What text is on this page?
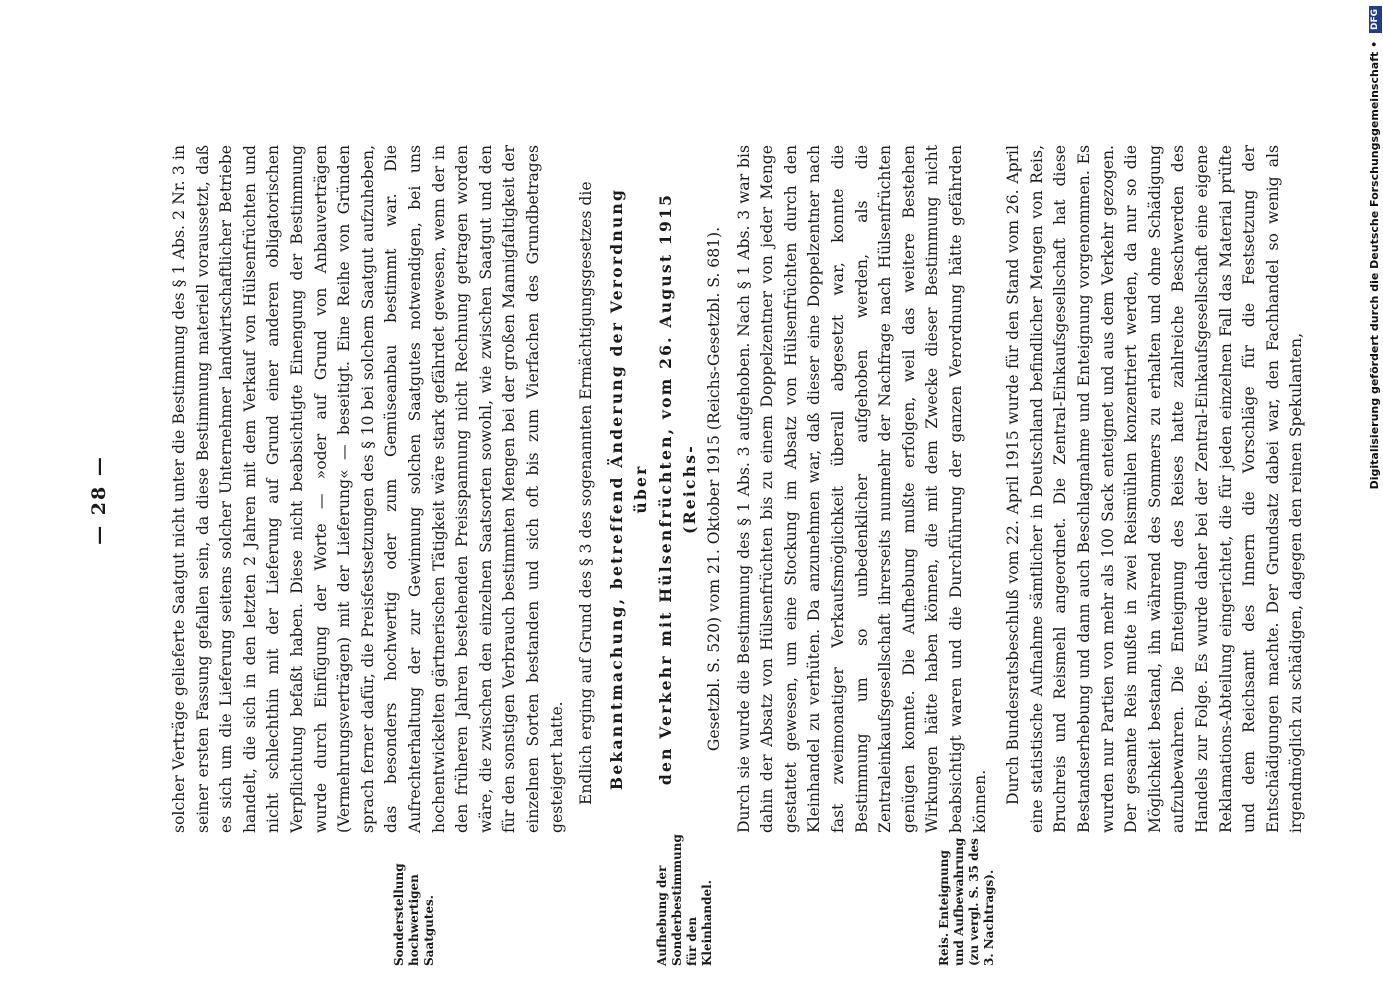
— 28 —
Sonderstellung hochwertigen Saatgutes.	Aufhebung der Sonderbestimmung für den Kleinhandel.	Reis. Enteignung und Aufbewahrung (zu vergl. S. 35 des 3. Nachtrags).

solcher Verträge gelieferte Saatgut nicht unter die Bestimmung des § 1 Abs. 2 Nr. 3 in seiner ersten Fassung gefallen sein, da diese Bestimmung materiell voraussetzt, daß es sich um die Lieferung seitens solcher Unternehmer landwirtschaftlicher Betriebe handelt, die sich in den letzten 2 Jahren mit dem Verkauf von Hülsenfrüchten und nicht schlechthin mit der Lieferung auf Grund einer anderen obligatorischen Verpflichtung befaßt haben. Diese nicht beabsichtigte Einengung der Bestimmung wurde durch Einfügung der Worte — »oder auf Grund von Anbauverträgen (Vermehrungsverträgen) mit der Lieferung« — beseitigt. Eine Reihe von Gründen sprach ferner dafür, die Preisfestsetzungen des § 10 bei solchem Saatgut aufzuheben, das besonders hochwertig oder zum Gemüseanbau bestimmt war. Die Aufrechterhaltung der zur Gewinnung solchen Saatgutes notwendigen, bei uns hochentwickelten gärtnerischen Tätigkeit wäre stark gefährdet gewesen, wenn der in den früheren Jahren bestehenden Preisspannung nicht Rechnung getragen worden wäre, die zwischen den einzelnen Saatsorten sowohl, wie zwischen Saatgut und den für den sonstigen Verbrauch bestimmten Mengen bei der großen Mannigfaltigkeit der einzelnen Sorten bestanden und sich oft bis zum Vierfachen des Grundbetrages gesteigert hatte. Endlich erging auf Grund des § 3 des sogenannten Ermächtigungsgesetzes die Bekanntmachung, betreffend Änderung der Verordnung über den Verkehr mit Hülsenfrüchten, vom 26. August 1915 (Reichs- Gesetzbl. S. 520) vom 21. Oktober 1915 (Reichs-Gesetzbl. S. 681). Durch sie wurde die Bestimmung des § 1 Abs. 3 aufgehoben. Nach § 1 Abs. 3 war bis dahin der Absatz von Hülsenfrüchten bis zu einem Doppelzentner von jeder Menge gestattet gewesen, um eine Stockung im Absatz von Hülsenfrüchten durch den Kleinhandel zu verhüten. Da anzunehmen war, daß dieser eine Doppelzentner nach fast zweimonatiger Verkaufsmöglichkeit überall abgesetzt war, konnte die Bestimmung um so unbedenklicher aufgehoben werden, als die Zentraleinkaufsgesellschaft ihrerseits nunmehr der Nachfrage nach Hülsenfrüchten genügen konnte. Die Aufhebung mußte erfolgen, weil das weitere Bestehen Wirkungen hätte haben können, die mit dem Zwecke dieser Bestimmung nicht beabsichtigt waren und die Durchführung der ganzen Verordnung hätte gefährden können. Durch Bundesratsbeschluß vom 22. April 1915 wurde für den Stand vom 26. April eine statistische Aufnahme sämtlicher in Deutschland befindlicher Mengen von Reis, Bruchreis und Reismehl angeordnet. Die Zentral-Einkaufsgesellschaft hat diese Bestandserhebung und dann auch Beschlagnahme und Enteignung vorgenommen. Es wurden nur Partien von mehr als 100 Sack enteignet und aus dem Verkehr gezogen. Der gesamte Reis mußte in zwei Reismühlen konzentriert werden, da nur so die Möglichkeit bestand, ihn während des Sommers zu erhalten und ohne Schädigung aufzubewahren. Die Enteignung des Reises hatte zahlreiche Beschwerden des Handels zur Folge. Es wurde daher bei der Zentral-Einkaufsgesellschaft eine eigene Reklamations-Abteilung eingerichtet, die für jeden einzelnen Fall das Material prüfte und dem Reichsamt des Innern die Vorschläge für die Festsetzung der Entschädigungen machte. Der Grundsatz dabei war, den Fachhandel so wenig als irgendmöglich zu schädigen, dagegen den reinen Spekulanten,

Digitalisierung gefördert durch die Deutsche Forschungsgemeinschaft • DFG
